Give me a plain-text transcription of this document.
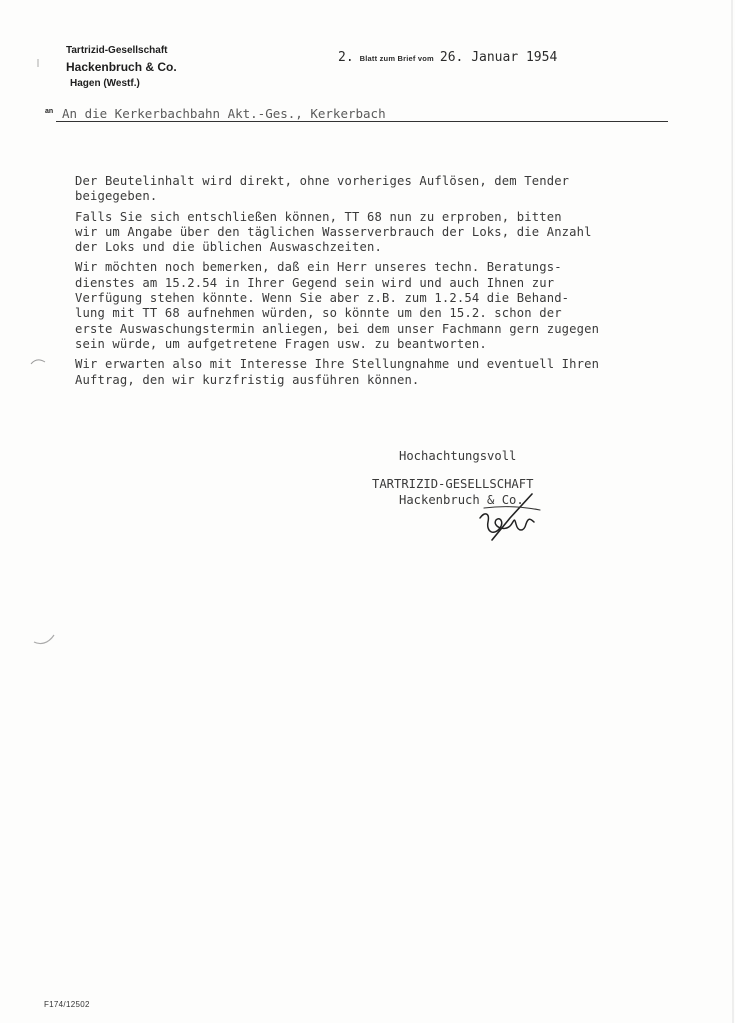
Tartrizid-Gesellschaft
Hackenbruch & Co.
Hagen (Westf.)
2. Blatt zum Brief vom 26. Januar 1954
an An die Kerkerbachbahn Akt.-Ges., Kerkerbach
Der Beutelinhalt wird direkt, ohne vorheriges Auflösen, dem Tender
beigegeben.
Falls Sie sich entschließen können, TT 68 nun zu erproben, bitten
wir um Angabe über den täglichen Wasserverbrauch der Loks, die Anzahl
der Loks und die üblichen Auswaschzeiten.
Wir möchten noch bemerken, daß ein Herr unseres techn. Beratungs-
dienstes am 15.2.54 in Ihrer Gegend sein wird und auch Ihnen zur
Verfügung stehen könnte. Wenn Sie aber z.B. zum 1.2.54 die Behand-
lung mit TT 68 aufnehmen würden, so könnte um den 15.2. schon der
erste Auswaschungstermin anliegen, bei dem unser Fachmann gern zugegen
sein würde, um aufgetretene Fragen usw. zu beantworten.
Wir erwarten also mit Interesse Ihre Stellungnahme und eventuell Ihren
Auftrag, den wir kurzfristig ausführen können.
Hochachtungsvoll
TARTRIZID-GESELLSCHAFT
Hackenbruch & Co.
F174/12502
